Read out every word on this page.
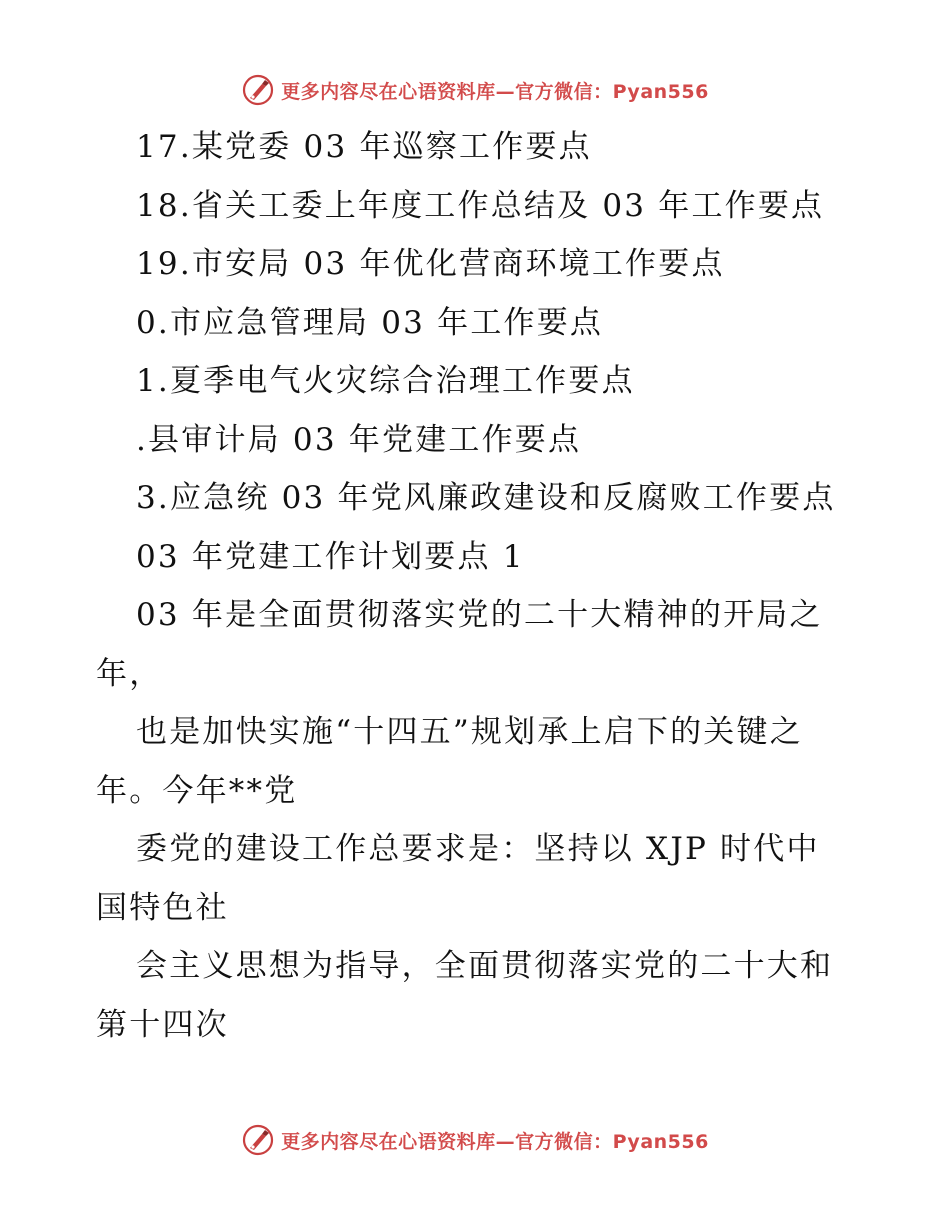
更多内容尽在心语资料库—官方微信：Pyan556
17.某党委 03 年巡察工作要点
18.省关工委上年度工作总结及 03 年工作要点
19.市安局 03 年优化营商环境工作要点
0.市应急管理局 03 年工作要点
1.夏季电气火灾综合治理工作要点
.县审计局 03 年党建工作要点
3.应急统 03 年党风廉政建设和反腐败工作要点
03 年党建工作计划要点 1
03 年是全面贯彻落实党的二十大精神的开局之
年，
也是加快实施“十四五”规划承上启下的关键之
年。今年**党
委党的建设工作总要求是：坚持以 XJP 时代中
国特色社
会主义思想为指导，全面贯彻落实党的二十大和
第十四次
更多内容尽在心语资料库—官方微信：Pyan556
